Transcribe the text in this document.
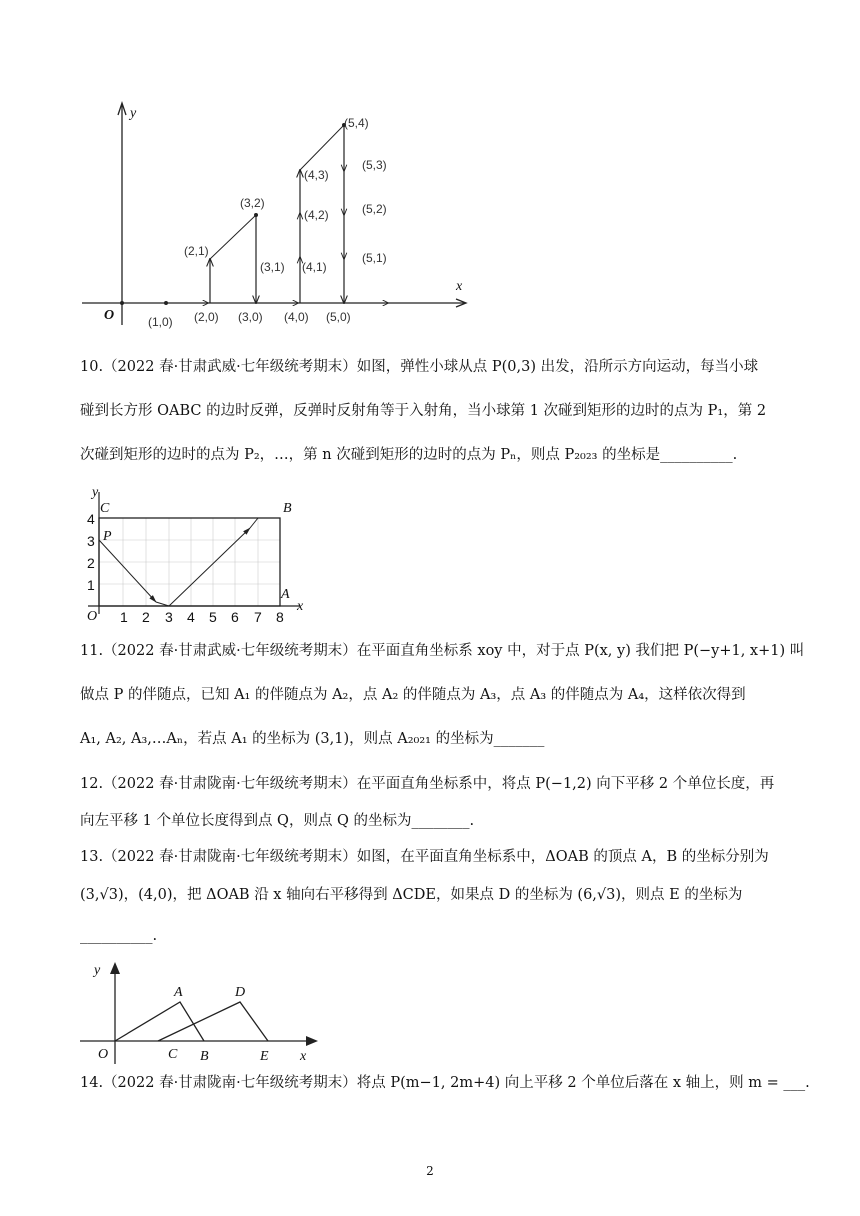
y
x
O	(1,0) (2,0) (3,0) (4,0) (5,0)
(2,1)
(3,1)
(3,2)
(4,1)
(4,2)
(4,3)
(5,1)
(5,2)
(5,3)
(5,4)
10.（2022 春·甘肃武威·七年级统考期末）如图，弹性小球从点 P(0,3) 出发，沿所示方向运动，每当小球
碰到长方形 OABC 的边时反弹，反弹时反射角等于入射角，当小球第 1 次碰到矩形的边时的点为 P₁，第 2
次碰到矩形的边时的点为 P₂，…，第 n 次碰到矩形的边时的点为 Pₙ，则点 P₂₀₂₃ 的坐标是__________.
y
C	B
P
A
O
x
4
3
2
1
1 2 3 4 5 6 7 8
11.（2022 春·甘肃武威·七年级统考期末）在平面直角坐标系 xoy 中，对于点 P(x, y) 我们把 P(−y+1, x+1) 叫
做点 P 的伴随点，已知 A₁ 的伴随点为 A₂，点 A₂ 的伴随点为 A₃，点 A₃ 的伴随点为 A₄，这样依次得到
A₁, A₂, A₃,…Aₙ，若点 A₁ 的坐标为 (3,1)，则点 A₂₀₂₁ 的坐标为_______
12.（2022 春·甘肃陇南·七年级统考期末）在平面直角坐标系中，将点 P(−1,2) 向下平移 2 个单位长度，再
向左平移 1 个单位长度得到点 Q，则点 Q 的坐标为________.
13.（2022 春·甘肃陇南·七年级统考期末）如图，在平面直角坐标系中，ΔOAB 的顶点 A，B 的坐标分别为
(3,√3)，(4,0)，把 ΔOAB 沿 x 轴向右平移得到 ΔCDE，如果点 D 的坐标为 (6,√3)，则点 E 的坐标为
__________.
y
A	D
O	C B	E x
14.（2022 春·甘肃陇南·七年级统考期末）将点 P(m−1, 2m+4) 向上平移 2 个单位后落在 x 轴上，则 m = ___.
2
